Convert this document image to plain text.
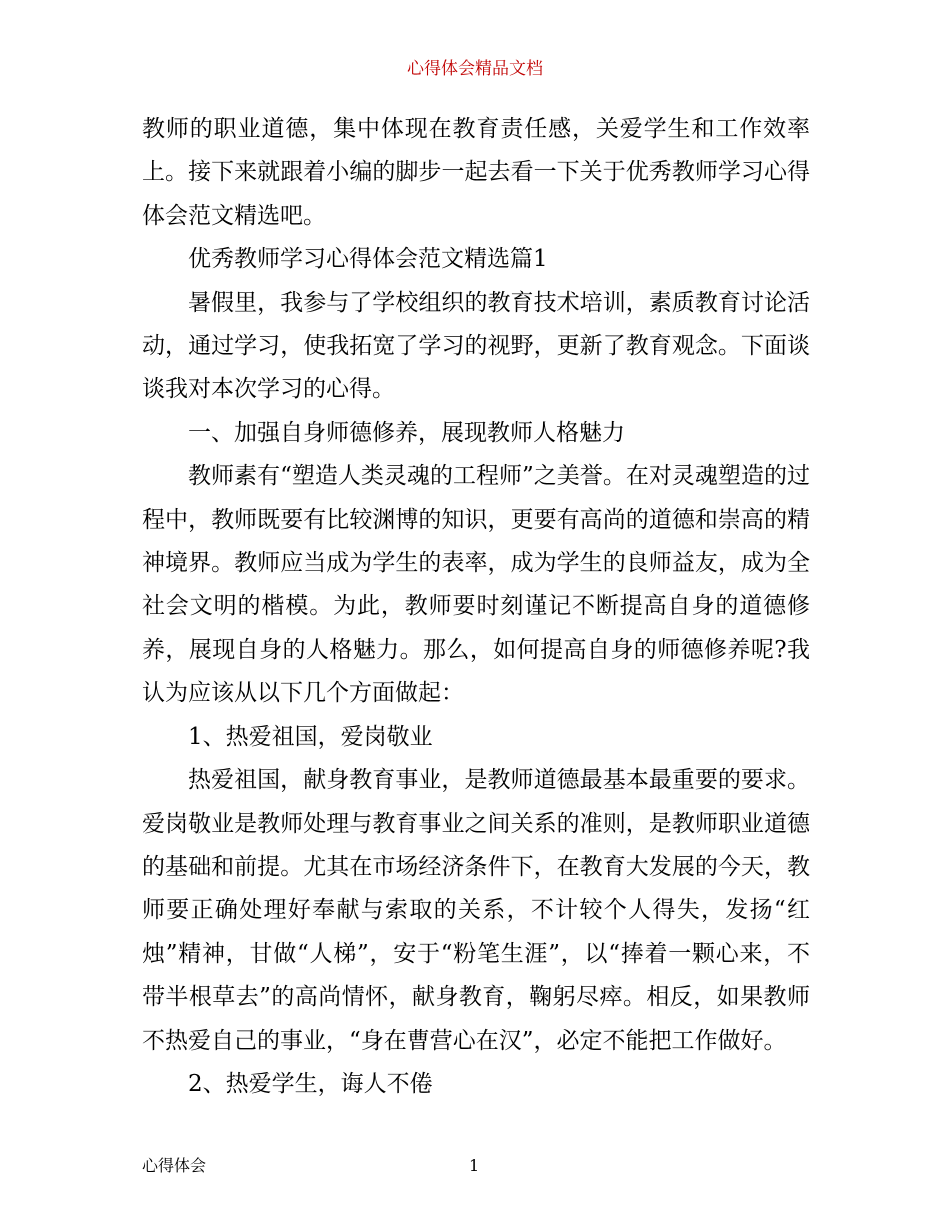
心得体会精品文档

教师的职业道德，集中体现在教育责任感，关爱学生和工作效率上。接下来就跟着小编的脚步一起去看一下关于优秀教师学习心得体会范文精选吧。

优秀教师学习心得体会范文精选篇1

暑假里，我参与了学校组织的教育技术培训，素质教育讨论活动，通过学习，使我拓宽了学习的视野，更新了教育观念。下面谈谈我对本次学习的心得。

一、加强自身师德修养，展现教师人格魅力

教师素有“塑造人类灵魂的工程师”之美誉。在对灵魂塑造的过程中，教师既要有比较渊博的知识，更要有高尚的道德和崇高的精神境界。教师应当成为学生的表率，成为学生的良师益友，成为全社会文明的楷模。为此，教师要时刻谨记不断提高自身的道德修养，展现自身的人格魅力。那么，如何提高自身的师德修养呢?我认为应该从以下几个方面做起：

1、热爱祖国，爱岗敬业

热爱祖国，献身教育事业，是教师道德最基本最重要的要求。爱岗敬业是教师处理与教育事业之间关系的准则，是教师职业道德的基础和前提。尤其在市场经济条件下，在教育大发展的今天，教师要正确处理好奉献与索取的关系，不计较个人得失，发扬“红烛”精神，甘做“人梯”，安于“粉笔生涯”，以“捧着一颗心来，不带半根草去”的高尚情怀，献身教育，鞠躬尽瘁。相反，如果教师不热爱自己的事业，“身在曹营心在汉”，必定不能把工作做好。

2、热爱学生，诲人不倦

心得体会	1
